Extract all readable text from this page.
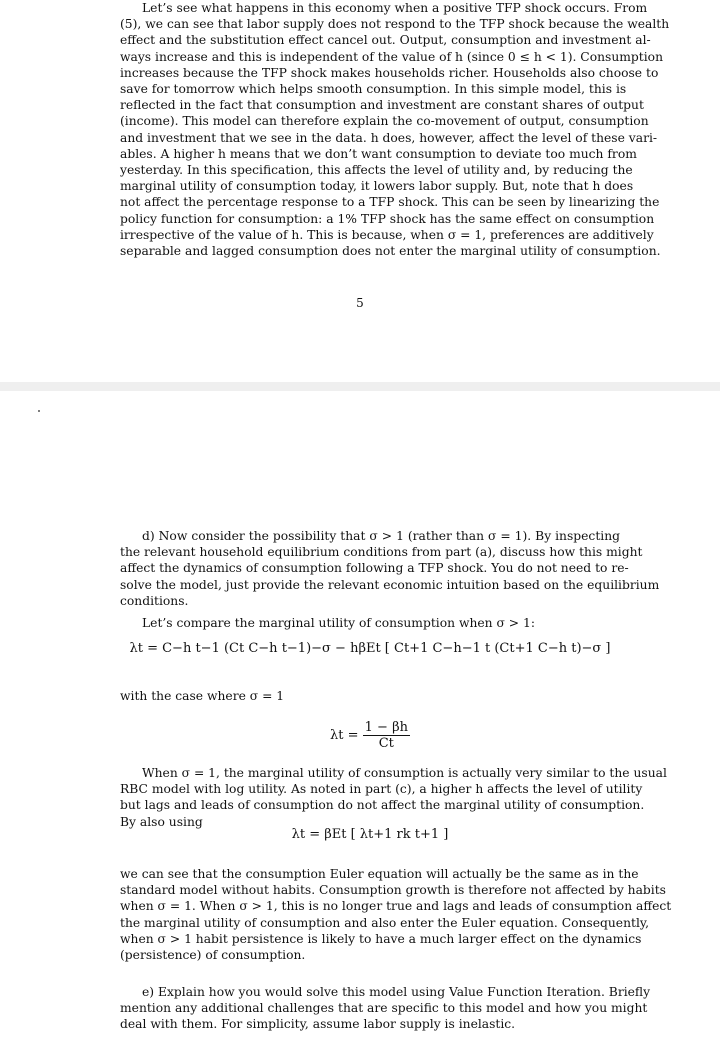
Let’s see what happens in this economy when a positive TFP shock occurs. From
(5), we can see that labor supply does not respond to the TFP shock because the wealth
effect and the substitution effect cancel out. Output, consumption and investment al-
ways increase and this is independent of the value of h (since 0 ≤ h < 1). Consumption
increases because the TFP shock makes households richer. Households also choose to
save for tomorrow which helps smooth consumption. In this simple model, this is
reflected in the fact that consumption and investment are constant shares of output
(income). This model can therefore explain the co-movement of output, consumption
and investment that we see in the data. h does, however, affect the level of these vari-
ables. A higher h means that we don’t want consumption to deviate too much from
yesterday. In this specification, this affects the level of utility and, by reducing the
marginal utility of consumption today, it lowers labor supply. But, note that h does
not affect the percentage response to a TFP shock. This can be seen by linearizing the
policy function for consumption: a 1% TFP shock has the same effect on consumption
irrespective of the value of h. This is because, when σ = 1, preferences are additively
separable and lagged consumption does not enter the marginal utility of consumption.
5
d) Now consider the possibility that σ > 1 (rather than σ = 1). By inspecting
the relevant household equilibrium conditions from part (a), discuss how this might
affect the dynamics of consumption following a TFP shock. You do not need to re-
solve the model, just provide the relevant economic intuition based on the equilibrium
conditions.
Let’s compare the marginal utility of consumption when σ > 1:
λt = C−h t−1 (Ct C−h t−1)−σ − hβEt [ Ct+1 C−h−1 t (Ct+1 C−h t)−σ ]
with the case where σ = 1
$\lambda t = \frac{1 - \beta h}{Ct}$
When σ = 1, the marginal utility of consumption is actually very similar to the usual
RBC model with log utility. As noted in part (c), a higher h affects the level of utility
but lags and leads of consumption do not affect the marginal utility of consumption.
By also using
λt = βEt [ λt+1 rk t+1 ]
we can see that the consumption Euler equation will actually be the same as in the
standard model without habits. Consumption growth is therefore not affected by habits
when σ = 1. When σ > 1, this is no longer true and lags and leads of consumption affect
the marginal utility of consumption and also enter the Euler equation. Consequently,
when σ > 1 habit persistence is likely to have a much larger effect on the dynamics
(persistence) of consumption.
e) Explain how you would solve this model using Value Function Iteration. Briefly
mention any additional challenges that are specific to this model and how you might
deal with them. For simplicity, assume labor supply is inelastic.
